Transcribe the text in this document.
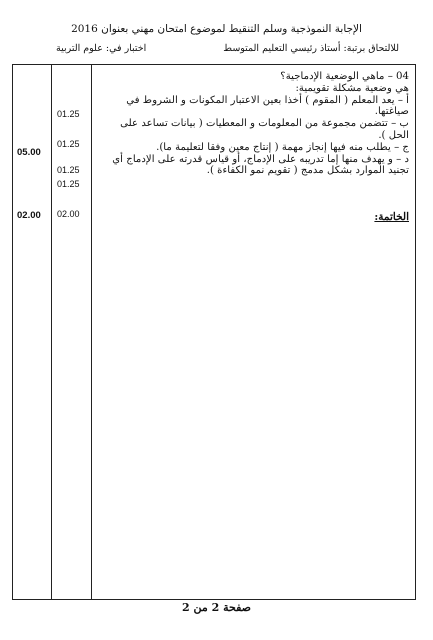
الإجابة النموذجية وسلم التنقيط لموضوع امتحان مهني بعنوان 2016
للالتحاق برتبة: أستاذ رئيسي التعليم المتوسط
اختبار في: علوم التربية
05.00
02.00
01.25
01.25
01.25
01.25
02.00

04 – ماهي الوضعية الإدماجية؟

هي وضعية مشكلة تقويمية:

أ – يعد المعلم ( المقوم ) أخذا بعين الاعتبار المكونات و الشروط في صياغتها.

ب – تتضمن مجموعة من المعلومات و المعطيات ( بيانات تساعد على الحل ).

ج – يطلب منه فيها إنجاز مهمة ( إنتاج معين وفقا لتعليمة ما).

د – و يهدف منها إما تدريبه على الإدماج، أو قياس قدرته على الإدماج أي تجنيد الموارد بشكل مدمج ( تقويم نمو الكفاءة ).

الخاتمة:
صفحة 2 من 2
